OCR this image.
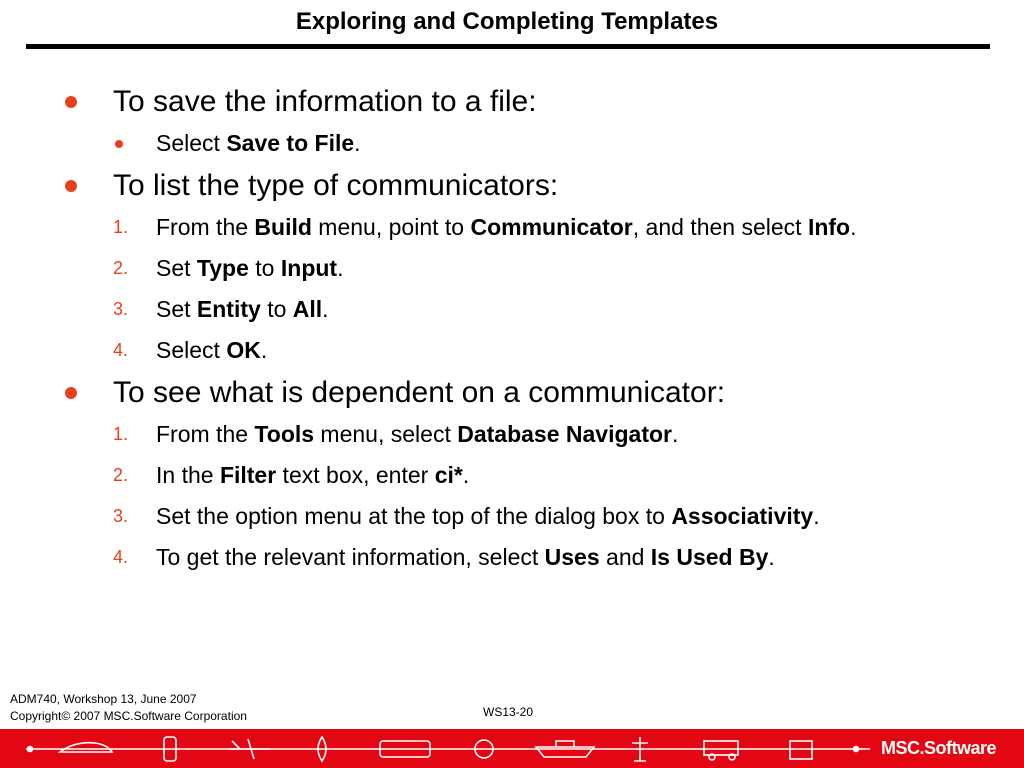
Exploring and Completing Templates
To save the information to a file:
Select Save to File.
To list the type of communicators:
1. From the Build menu, point to Communicator, and then select Info.
2. Set Type to Input.
3. Set Entity to All.
4. Select OK.
To see what is dependent on a communicator:
1. From the Tools menu, select Database Navigator.
2. In the Filter text box, enter ci*.
3. Set the option menu at the top of the dialog box to Associativity.
4. To get the relevant information, select Uses and Is Used By.
ADM740, Workshop 13, June 2007
Copyright© 2007 MSC.Software Corporation	WS13-20
MSC.Software
